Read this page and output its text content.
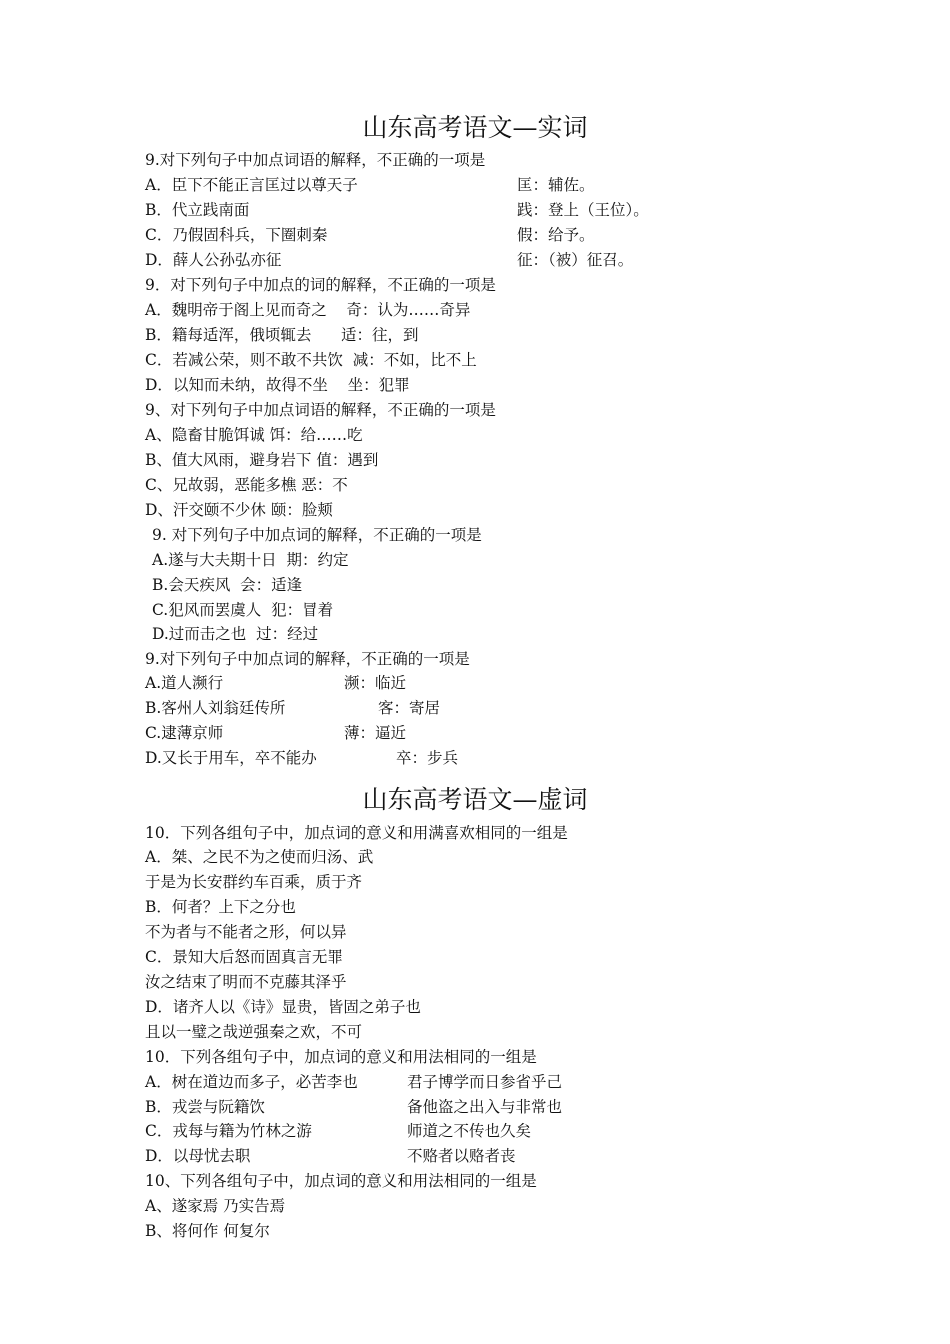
山东高考语文—实词
9.对下列句子中加点词语的解释，不正确的一项是
A．臣下不能正言匡过以尊天子	匡：辅佐。
B．代立践南面	践：登上（王位）。
C．乃假固科兵，下圈刺秦	假：给予。
D．薛人公孙弘亦征	征：（被）征召。
9．对下列句子中加点的词的解释，不正确的一项是
A．魏明帝于阁上见而奇之    奇：认为……奇异
B．籍每适浑，俄顷辄去      适：往，到
C．若减公荣，则不敢不共饮  减：不如，比不上
D．以知而未纳，故得不坐    坐：犯罪
9、对下列句子中加点词语的解释，不正确的一项是
A、隐畜甘脆饵诚 饵：给……吃
B、值大风雨，避身岩下 值：遇到
C、兄故弱，恶能多樵 恶：不
D、汗交颐不少休 颐：脸颊
9. 对下列句子中加点词的解释，不正确的一项是
A.遂与大夫期十日  期：约定
B.会天疾风  会：适逢
C.犯风而罢虞人  犯：冒着
D.过而击之也  过：经过
9.对下列句子中加点词的解释，不正确的一项是
A.道人濒行	濒：临近
B.客州人刘翁廷传所	客：寄居
C.逮薄京师	薄：逼近
D.又长于用车，卒不能办	卒：步兵
山东高考语文—虚词
10．下列各组句子中，加点词的意义和用满喜欢相同的一组是
A．桀、之民不为之使而归汤、武
于是为长安群约车百乘，质于齐
B．何者？上下之分也
不为者与不能者之形，何以异
C．景知大后怒而固真言无罪
汝之结束了明而不克藤其泽乎
D．诸齐人以《诗》显贵，皆固之弟子也
且以一璧之哉逆强秦之欢，不可
10．下列各组句子中，加点词的意义和用法相同的一组是
A．树在道边而多子，必苦李也	君子博学而日参省乎己
B．戎尝与阮籍饮	备他盗之出入与非常也
C．戎每与籍为竹林之游	师道之不传也久矣
D．以母忧去职	不赂者以赂者丧
10、下列各组句子中，加点词的意义和用法相同的一组是
A、遂家焉 乃实告焉
B、将何作 何复尔
